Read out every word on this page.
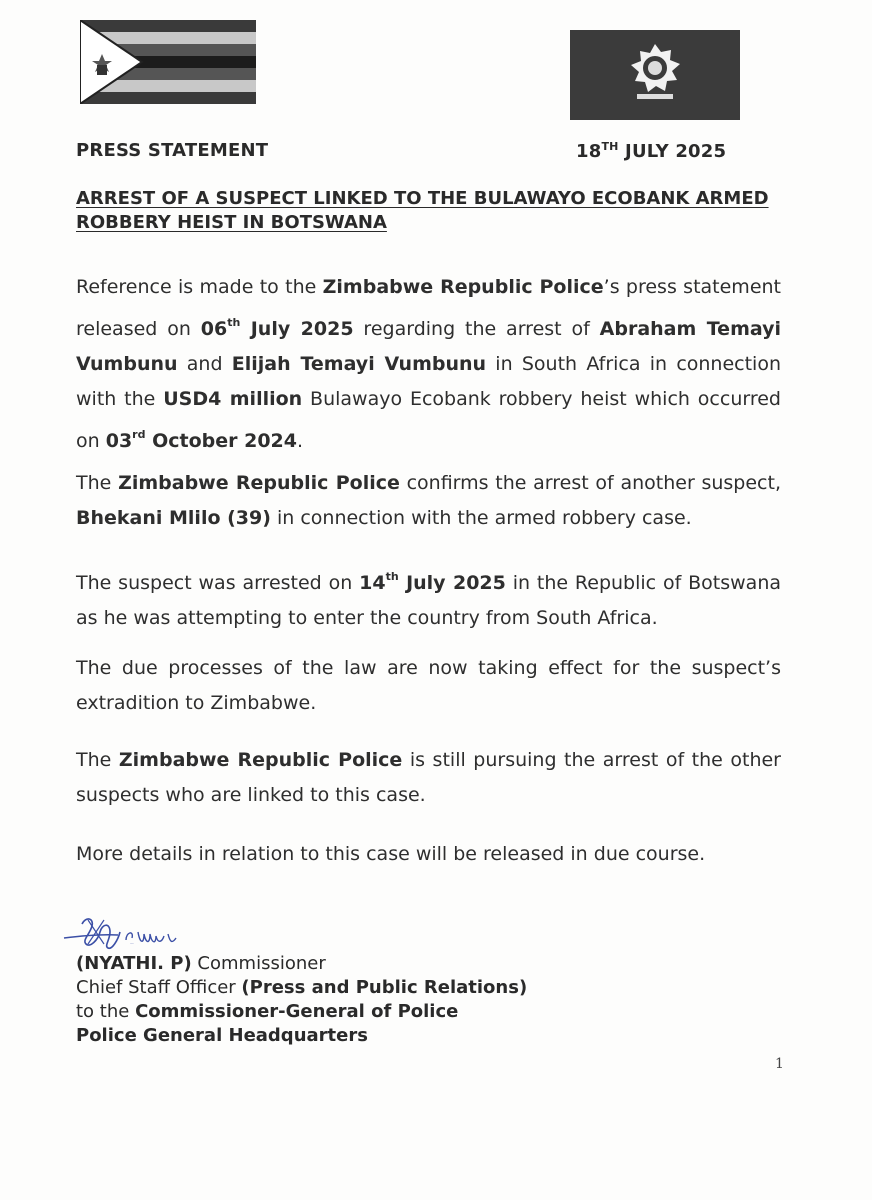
PRESS STATEMENT	18TH JULY 2025
ARREST OF A SUSPECT LINKED TO THE BULAWAYO ECOBANK ARMED
ROBBERY HEIST IN BOTSWANA
Reference is made to the Zimbabwe Republic Police’s press statement released on 06th July 2025 regarding the arrest of Abraham Temayi Vumbunu and Elijah Temayi Vumbunu in South Africa in connection with the USD4 million Bulawayo Ecobank robbery heist which occurred on 03rd October 2024.
The Zimbabwe Republic Police confirms the arrest of another suspect, Bhekani Mlilo (39) in connection with the armed robbery case.
The suspect was arrested on 14th July 2025 in the Republic of Botswana as he was attempting to enter the country from South Africa.
The due processes of the law are now taking effect for the suspect’s extradition to Zimbabwe.
The Zimbabwe Republic Police is still pursuing the arrest of the other suspects who are linked to this case.
More details in relation to this case will be released in due course.
Commr
(NYATHI. P) Commissioner
Chief Staff Officer (Press and Public Relations)
to the Commissioner-General of Police
Police General Headquarters
1
